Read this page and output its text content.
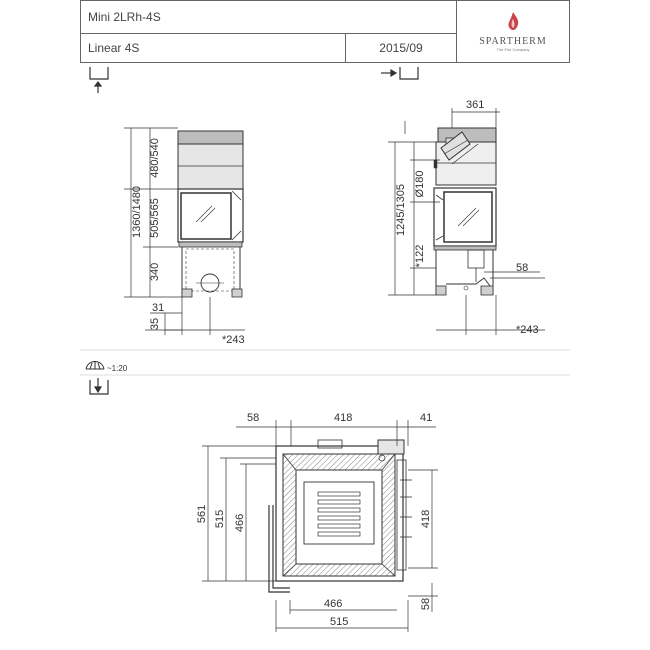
Mini 2LRh-4S		SPARTHERM
The Fire Company

Linear 4S	2015/09	
~1:20
1360/1480
480/540
505/565
340
35
31
*243
361
1245/1305 Ø180
*122
58
*243
58	418	41
561 515 466	418
58
466
515
